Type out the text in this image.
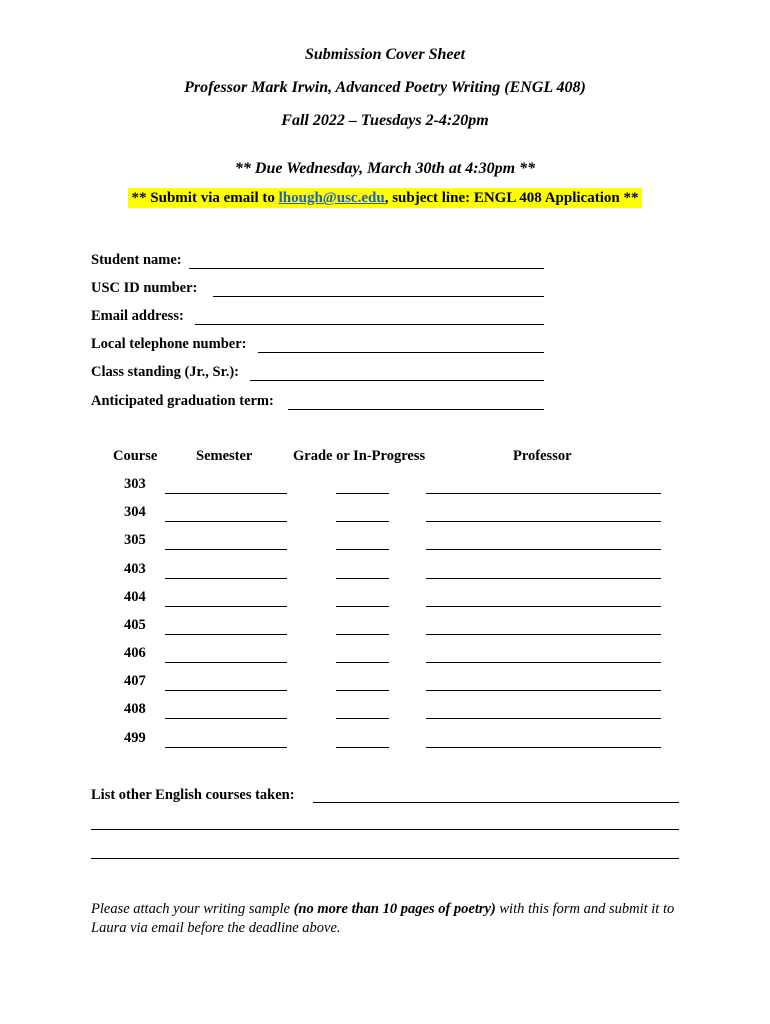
Submission Cover Sheet
Professor Mark Irwin, Advanced Poetry Writing (ENGL 408)
Fall 2022 – Tuesdays 2-4:20pm
** Due Wednesday, March 30th at 4:30pm **
** Submit via email to lhough@usc.edu, subject line: ENGL 408 Application **
Student name:
USC ID number:
Email address:
Local telephone number:
Class standing (Jr., Sr.):
Anticipated graduation term:
Course	Semester	Grade or In-Progress	Professor
303
304
305
403
404
405
406
407
408
499
List other English courses taken:
Please attach your writing sample (no more than 10 pages of poetry) with this form and submit it to Laura via email before the deadline above.
